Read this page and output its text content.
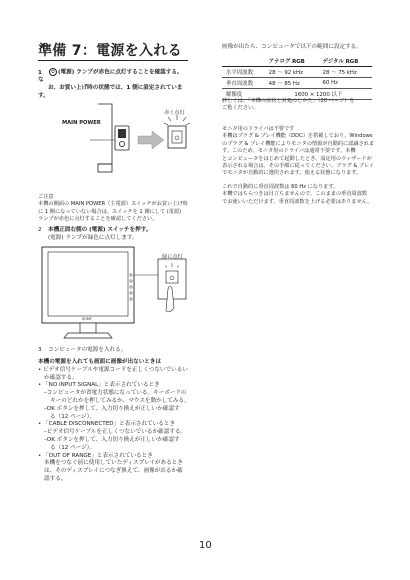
準備 7：電源を入れる
1 ⏻ (電源) ランプが赤色に点灯することを確認する。な
お、お買い上げ時の状態では、1 側に設定されています。
⏻
MAIN POWER
赤く点灯
ご注意
本機の側面の MAIN POWER（主電源）スイッチがお買い上げ時
に 1 側になっていない場合は、スイッチを 1 側にして (電源)
ランプが赤色に点灯することを確認してください。
2 本機正面右側の (電源) スイッチを押す。
(電源) ランプが緑色に点灯します。
⏻
SONY
緑に点灯
3 コンピュータの電源を入れる。
本機の電源を入れても画面に画像が出ないときは
• ビデオ信号ケーブルや電源コードを正しくつないでいるい
か確認する。
• 「NO INPUT SIGNAL」と表示されているとき
–コンピュータが省電力状態になっている。キーボードの
キーのどれかを押してみるか、マウスを動かしてみる。
–OK ボタンを押して、入力切り換えが正しいか確認す
る（12 ページ）。
• 「CABLE DISCONNECTED」と表示されているとき
–ビデオ信号ケーブルを正しくつないでいるか確認する。
–OK ボタンを押して、入力切り換えが正しいか確認す
る（12 ページ）。
• 「OUT OF RANGE」と表示されているとき
本機をつなぐ前に使用していたディスプレイがあるとき
は、そのディスプレイにつなぎ換えて、画像が出るか確
認する。
画像が出たら、コンピュータで以下の範囲に設定する。
	アナログ RGB	デジタル RGB
水平周波数	28 ～ 92 kHz	28 ～ 75 kHz
垂直周波数	48 ～ 85 Hz	60 Hz
解像度	1600 × 1200 以下	
詳しくは、「本機の症状と対処のしかた」（20 ページ）を
ご覧ください。
モニタ用のドライバは不要です
本機はプラグ & プレイ機能（DDC）を搭載しており、Windows
のプラグ & プレイ機能によりモニタの情報が自動的に認識されま
す。このため、モニタ用のドライバは通常不要です。本機
とコンピュータをはじめて起動したとき、設定用のウィザードが
表示される場合は、その手順に従ってください。プラグ & プレイ
でモニタが自動的に選択されます。使える状態になります。
これで自動的に垂直周波数は 60 Hz になります。
本機ではちらつきは目立ちませんので、このままの垂直周波数
でお使いいただけます。垂直周波数を上げる必要はありません。
10
